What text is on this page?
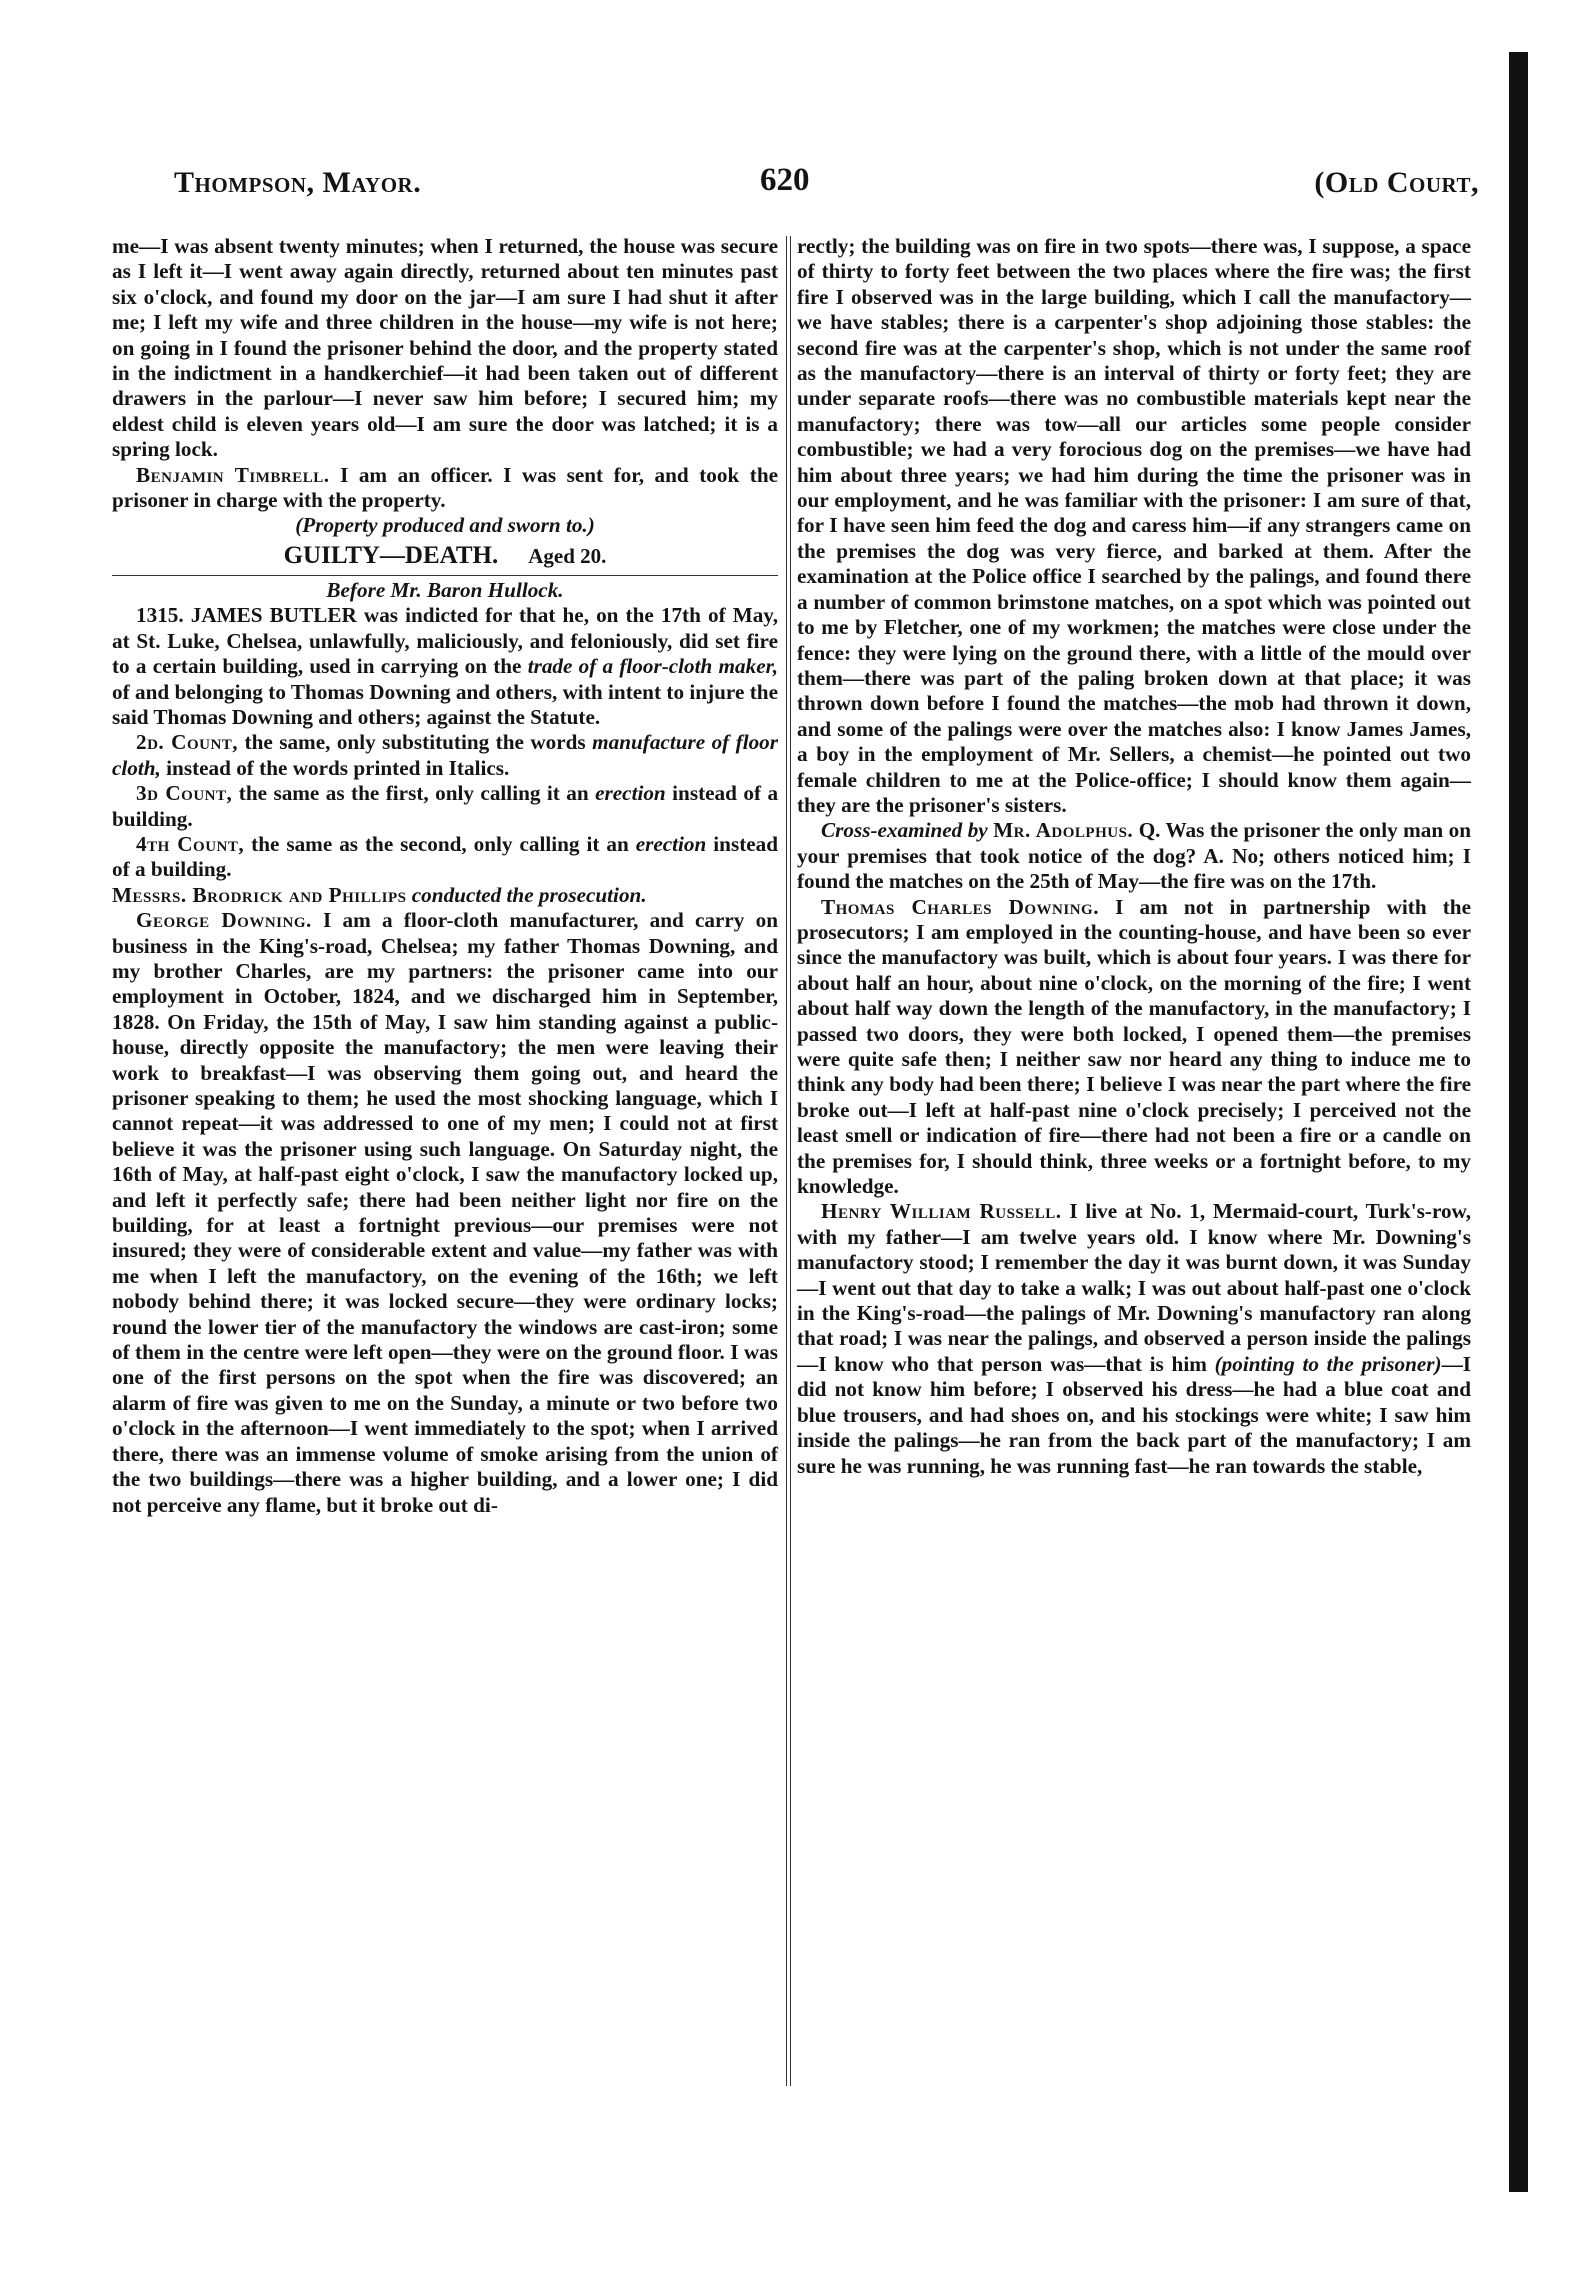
Thompson, Mayor.	620	(Old Court,

me—I was absent twenty minutes; when I returned, the house was secure as I left it—I went away again directly, returned about ten minutes past six o'clock, and found my door on the jar—I am sure I had shut it after me; I left my wife and three children in the house—my wife is not here; on going in I found the prisoner behind the door, and the property stated in the indictment in a handkerchief—it had been taken out of different drawers in the parlour—I never saw him before; I secured him; my eldest child is eleven years old—I am sure the door was latched; it is a spring lock.

Benjamin Timbrell. I am an officer. I was sent for, and took the prisoner in charge with the property.

(Property produced and sworn to.)

GUILTY—DEATH. Aged 20.
Before Mr. Baron Hullock.

1315. JAMES BUTLER was indicted for that he, on the 17th of May, at St. Luke, Chelsea, unlawfully, maliciously, and feloniously, did set fire to a certain building, used in carrying on the trade of a floor-cloth maker, of and belonging to Thomas Downing and others, with intent to injure the said Thomas Downing and others; against the Statute.

2d. Count, the same, only substituting the words manufacture of floor cloth, instead of the words printed in Italics.

3d Count, the same as the first, only calling it an erection instead of a building.

4th Count, the same as the second, only calling it an erection instead of a building.

Messrs. Brodrick and Phillips conducted the prosecution.

George Downing. I am a floor-cloth manufacturer, and carry on business in the King's-road, Chelsea; my father Thomas Downing, and my brother Charles, are my partners: the prisoner came into our employment in October, 1824, and we discharged him in September, 1828. On Friday, the 15th of May, I saw him standing against a public-house, directly opposite the manufactory; the men were leaving their work to breakfast—I was observing them going out, and heard the prisoner speaking to them; he used the most shocking language, which I cannot repeat—it was addressed to one of my men; I could not at first believe it was the prisoner using such language. On Saturday night, the 16th of May, at half-past eight o'clock, I saw the manufactory locked up, and left it perfectly safe; there had been neither light nor fire on the building, for at least a fortnight previous—our premises were not insured; they were of considerable extent and value—my father was with me when I left the manufactory, on the evening of the 16th; we left nobody behind there; it was locked secure—they were ordinary locks; round the lower tier of the manufactory the windows are cast-iron; some of them in the centre were left open—they were on the ground floor. I was one of the first persons on the spot when the fire was discovered; an alarm of fire was given to me on the Sunday, a minute or two before two o'clock in the afternoon—I went immediately to the spot; when I arrived there, there was an immense volume of smoke arising from the union of the two buildings—there was a higher building, and a lower one; I did not perceive any flame, but it broke out di-

rectly; the building was on fire in two spots—there was, I suppose, a space of thirty to forty feet between the two places where the fire was; the first fire I observed was in the large building, which I call the manufactory—we have stables; there is a carpenter's shop adjoining those stables: the second fire was at the carpenter's shop, which is not under the same roof as the manufactory—there is an interval of thirty or forty feet; they are under separate roofs—there was no combustible materials kept near the manufactory; there was tow—all our articles some people consider combustible; we had a very forocious dog on the premises—we have had him about three years; we had him during the time the prisoner was in our employment, and he was familiar with the prisoner: I am sure of that, for I have seen him feed the dog and caress him—if any strangers came on the premises the dog was very fierce, and barked at them. After the examination at the Police office I searched by the palings, and found there a number of common brimstone matches, on a spot which was pointed out to me by Fletcher, one of my workmen; the matches were close under the fence: they were lying on the ground there, with a little of the mould over them—there was part of the paling broken down at that place; it was thrown down before I found the matches—the mob had thrown it down, and some of the palings were over the matches also: I know James James, a boy in the employment of Mr. Sellers, a chemist—he pointed out two female children to me at the Police-office; I should know them again—they are the prisoner's sisters.

Cross-examined by Mr. Adolphus. Q. Was the prisoner the only man on your premises that took notice of the dog? A. No; others noticed him; I found the matches on the 25th of May—the fire was on the 17th.

Thomas Charles Downing. I am not in partnership with the prosecutors; I am employed in the counting-house, and have been so ever since the manufactory was built, which is about four years. I was there for about half an hour, about nine o'clock, on the morning of the fire; I went about half way down the length of the manufactory, in the manufactory; I passed two doors, they were both locked, I opened them—the premises were quite safe then; I neither saw nor heard any thing to induce me to think any body had been there; I believe I was near the part where the fire broke out—I left at half-past nine o'clock precisely; I perceived not the least smell or indication of fire—there had not been a fire or a candle on the premises for, I should think, three weeks or a fortnight before, to my knowledge.

Henry William Russell. I live at No. 1, Mermaid-court, Turk's-row, with my father—I am twelve years old. I know where Mr. Downing's manufactory stood; I remember the day it was burnt down, it was Sunday—I went out that day to take a walk; I was out about half-past one o'clock in the King's-road—the palings of Mr. Downing's manufactory ran along that road; I was near the palings, and observed a person inside the palings—I know who that person was—that is him (pointing to the prisoner)—I did not know him before; I observed his dress—he had a blue coat and blue trousers, and had shoes on, and his stockings were white; I saw him inside the palings—he ran from the back part of the manufactory; I am sure he was running, he was running fast—he ran towards the stable,
